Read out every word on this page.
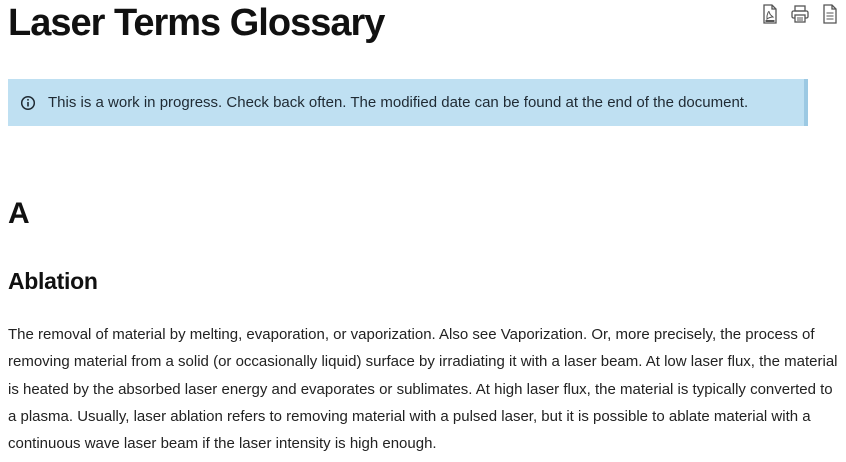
Laser Terms Glossary
This is a work in progress. Check back often. The modified date can be found at the end of the document.
A
Ablation

The removal of material by melting, evaporation, or vaporization. Also see Vaporization. Or, more precisely, the process of removing material from a solid (or occasionally liquid) surface by irradiating it with a laser beam. At low laser flux, the material is heated by the absorbed laser energy and evaporates or sublimates. At high laser flux, the material is typically converted to a plasma. Usually, laser ablation refers to removing material with a pulsed laser, but it is possible to ablate material with a continuous wave laser beam if the laser intensity is high enough.
